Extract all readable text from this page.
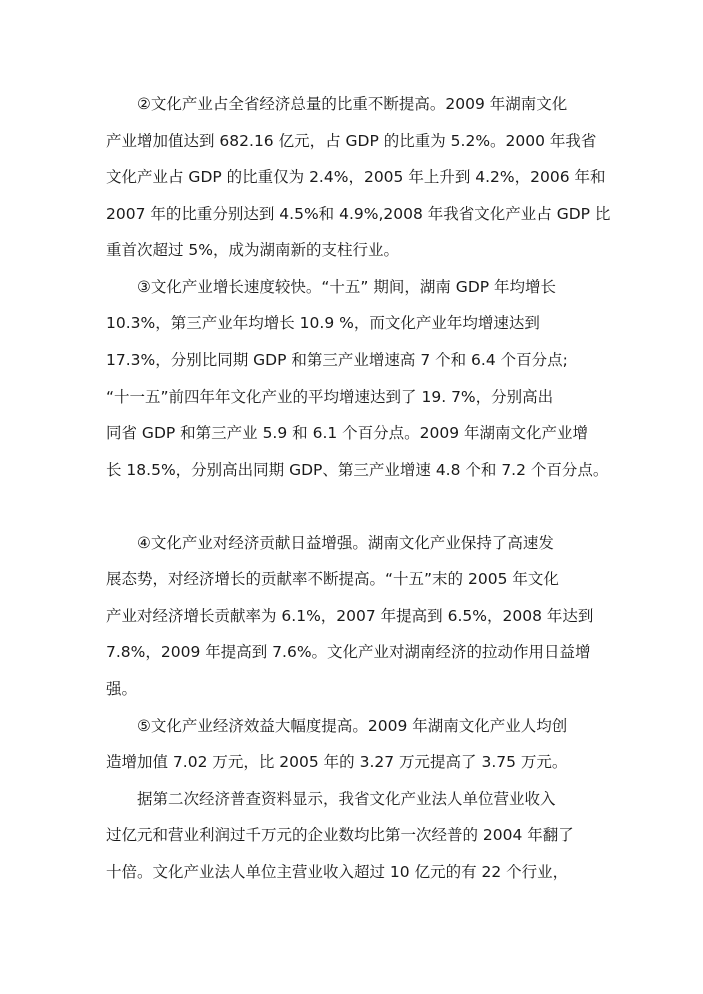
②文化产业占全省经济总量的比重不断提高。2009 年湖南文化
产业增加值达到 682.16 亿元，占 GDP 的比重为 5.2%。2000 年我省
文化产业占 GDP 的比重仅为 2.4%，2005 年上升到 4.2%，2006 年和
2007 年的比重分别达到 4.5%和 4.9%,2008 年我省文化产业占 GDP 比
重首次超过 5%，成为湖南新的支柱行业。
③文化产业增长速度较快。“十五” 期间，湖南 GDP 年均增长
10.3%，第三产业年均增长 10.9 %，而文化产业年均增速达到
17.3%，分别比同期 GDP 和第三产业增速高 7 个和 6.4 个百分点;
“十一五”前四年年文化产业的平均增速达到了 19. 7%，分别高出
同省 GDP 和第三产业 5.9 和 6.1 个百分点。2009 年湖南文化产业增
长 18.5%，分别高出同期 GDP、第三产业增速 4.8 个和 7.2 个百分点。
④文化产业对经济贡献日益增强。湖南文化产业保持了高速发
展态势，对经济增长的贡献率不断提高。“十五”末的 2005 年文化
产业对经济增长贡献率为 6.1%，2007 年提高到 6.5%，2008 年达到
7.8%，2009 年提高到 7.6%。文化产业对湖南经济的拉动作用日益增
强。
⑤文化产业经济效益大幅度提高。2009 年湖南文化产业人均创
造增加值 7.02 万元，比 2005 年的 3.27 万元提高了 3.75 万元。
据第二次经济普查资料显示，我省文化产业法人单位营业收入
过亿元和营业利润过千万元的企业数均比第一次经普的 2004 年翻了
十倍。文化产业法人单位主营业收入超过 10 亿元的有 22 个行业，
